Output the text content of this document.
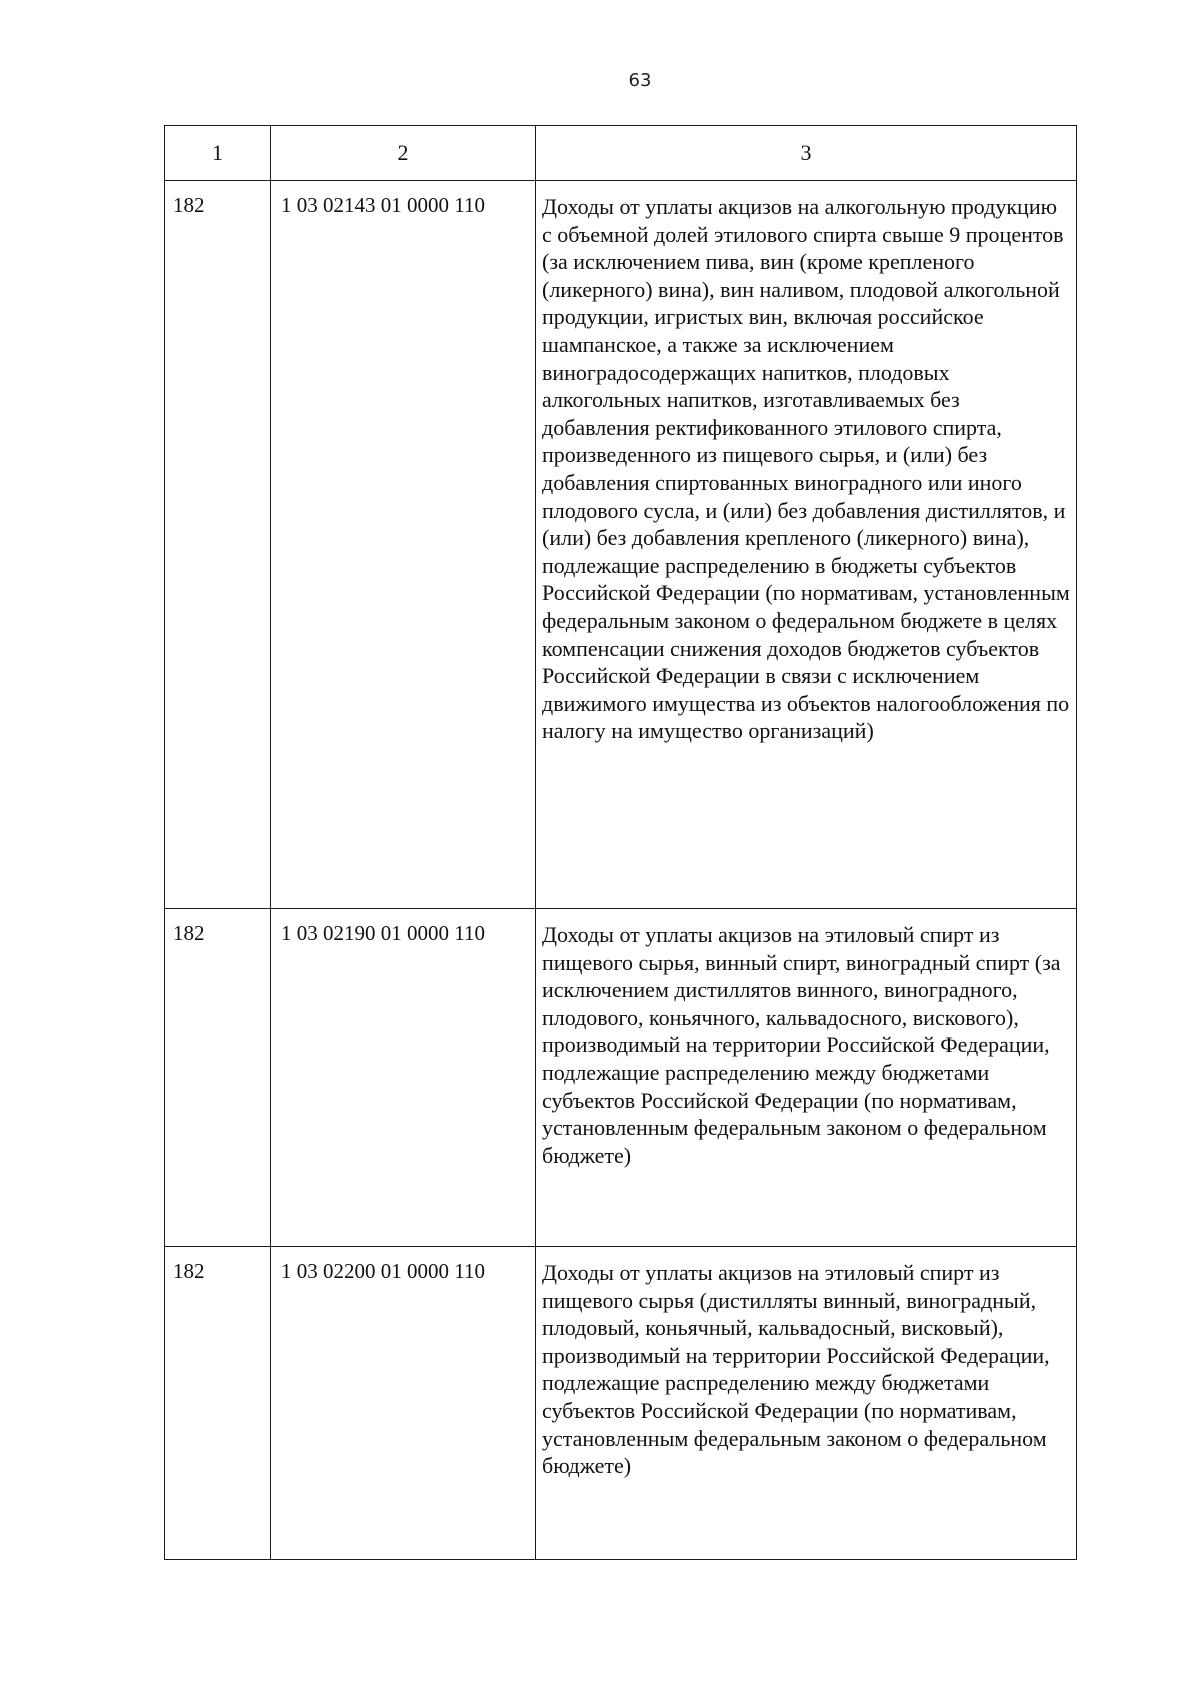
63
1	2	3
182	1 03 02143 01 0000 110	Доходы от уплаты акцизов на алкогольную продукцию с объемной долей этилового спирта свыше 9 процентов (за исключением пива, вин (кроме крепленого (ликерного) вина), вин наливом, плодовой алкогольной продукции, игристых вин, включая российское шампанское, а также за исключением виноградосодержащих напитков, плодовых алкогольных напитков, изготавливаемых без добавления ректификованного этилового спирта, произведенного из пищевого сырья, и (или) без добавления спиртованных виноградного или иного плодового сусла, и (или) без добавления дистиллятов, и (или) без добавления крепленого (ликерного) вина), подлежащие распределению в бюджеты субъектов Российской Федерации (по нормативам, установленным федеральным законом о федеральном бюджете в целях компенсации снижения доходов бюджетов субъектов Российской Федерации в связи с исключением движимого имущества из объектов налогообложения по налогу на имущество организаций)
182	1 03 02190 01 0000 110	Доходы от уплаты акцизов на этиловый спирт из пищевого сырья, винный спирт, виноградный спирт (за исключением дистиллятов винного, виноградного, плодового, коньячного, кальвадосного, вискового), производимый на территории Российской Федерации, подлежащие распределению между бюджетами субъектов Российской Федерации (по нормативам, установленным федеральным законом о федеральном бюджете)
182	1 03 02200 01 0000 110	Доходы от уплаты акцизов на этиловый спирт из пищевого сырья (дистилляты винный, виноградный, плодовый, коньячный, кальвадосный, висковый), производимый на территории Российской Федерации, подлежащие распределению между бюджетами субъектов Российской Федерации (по нормативам, установленным федеральным законом о федеральном бюджете)
